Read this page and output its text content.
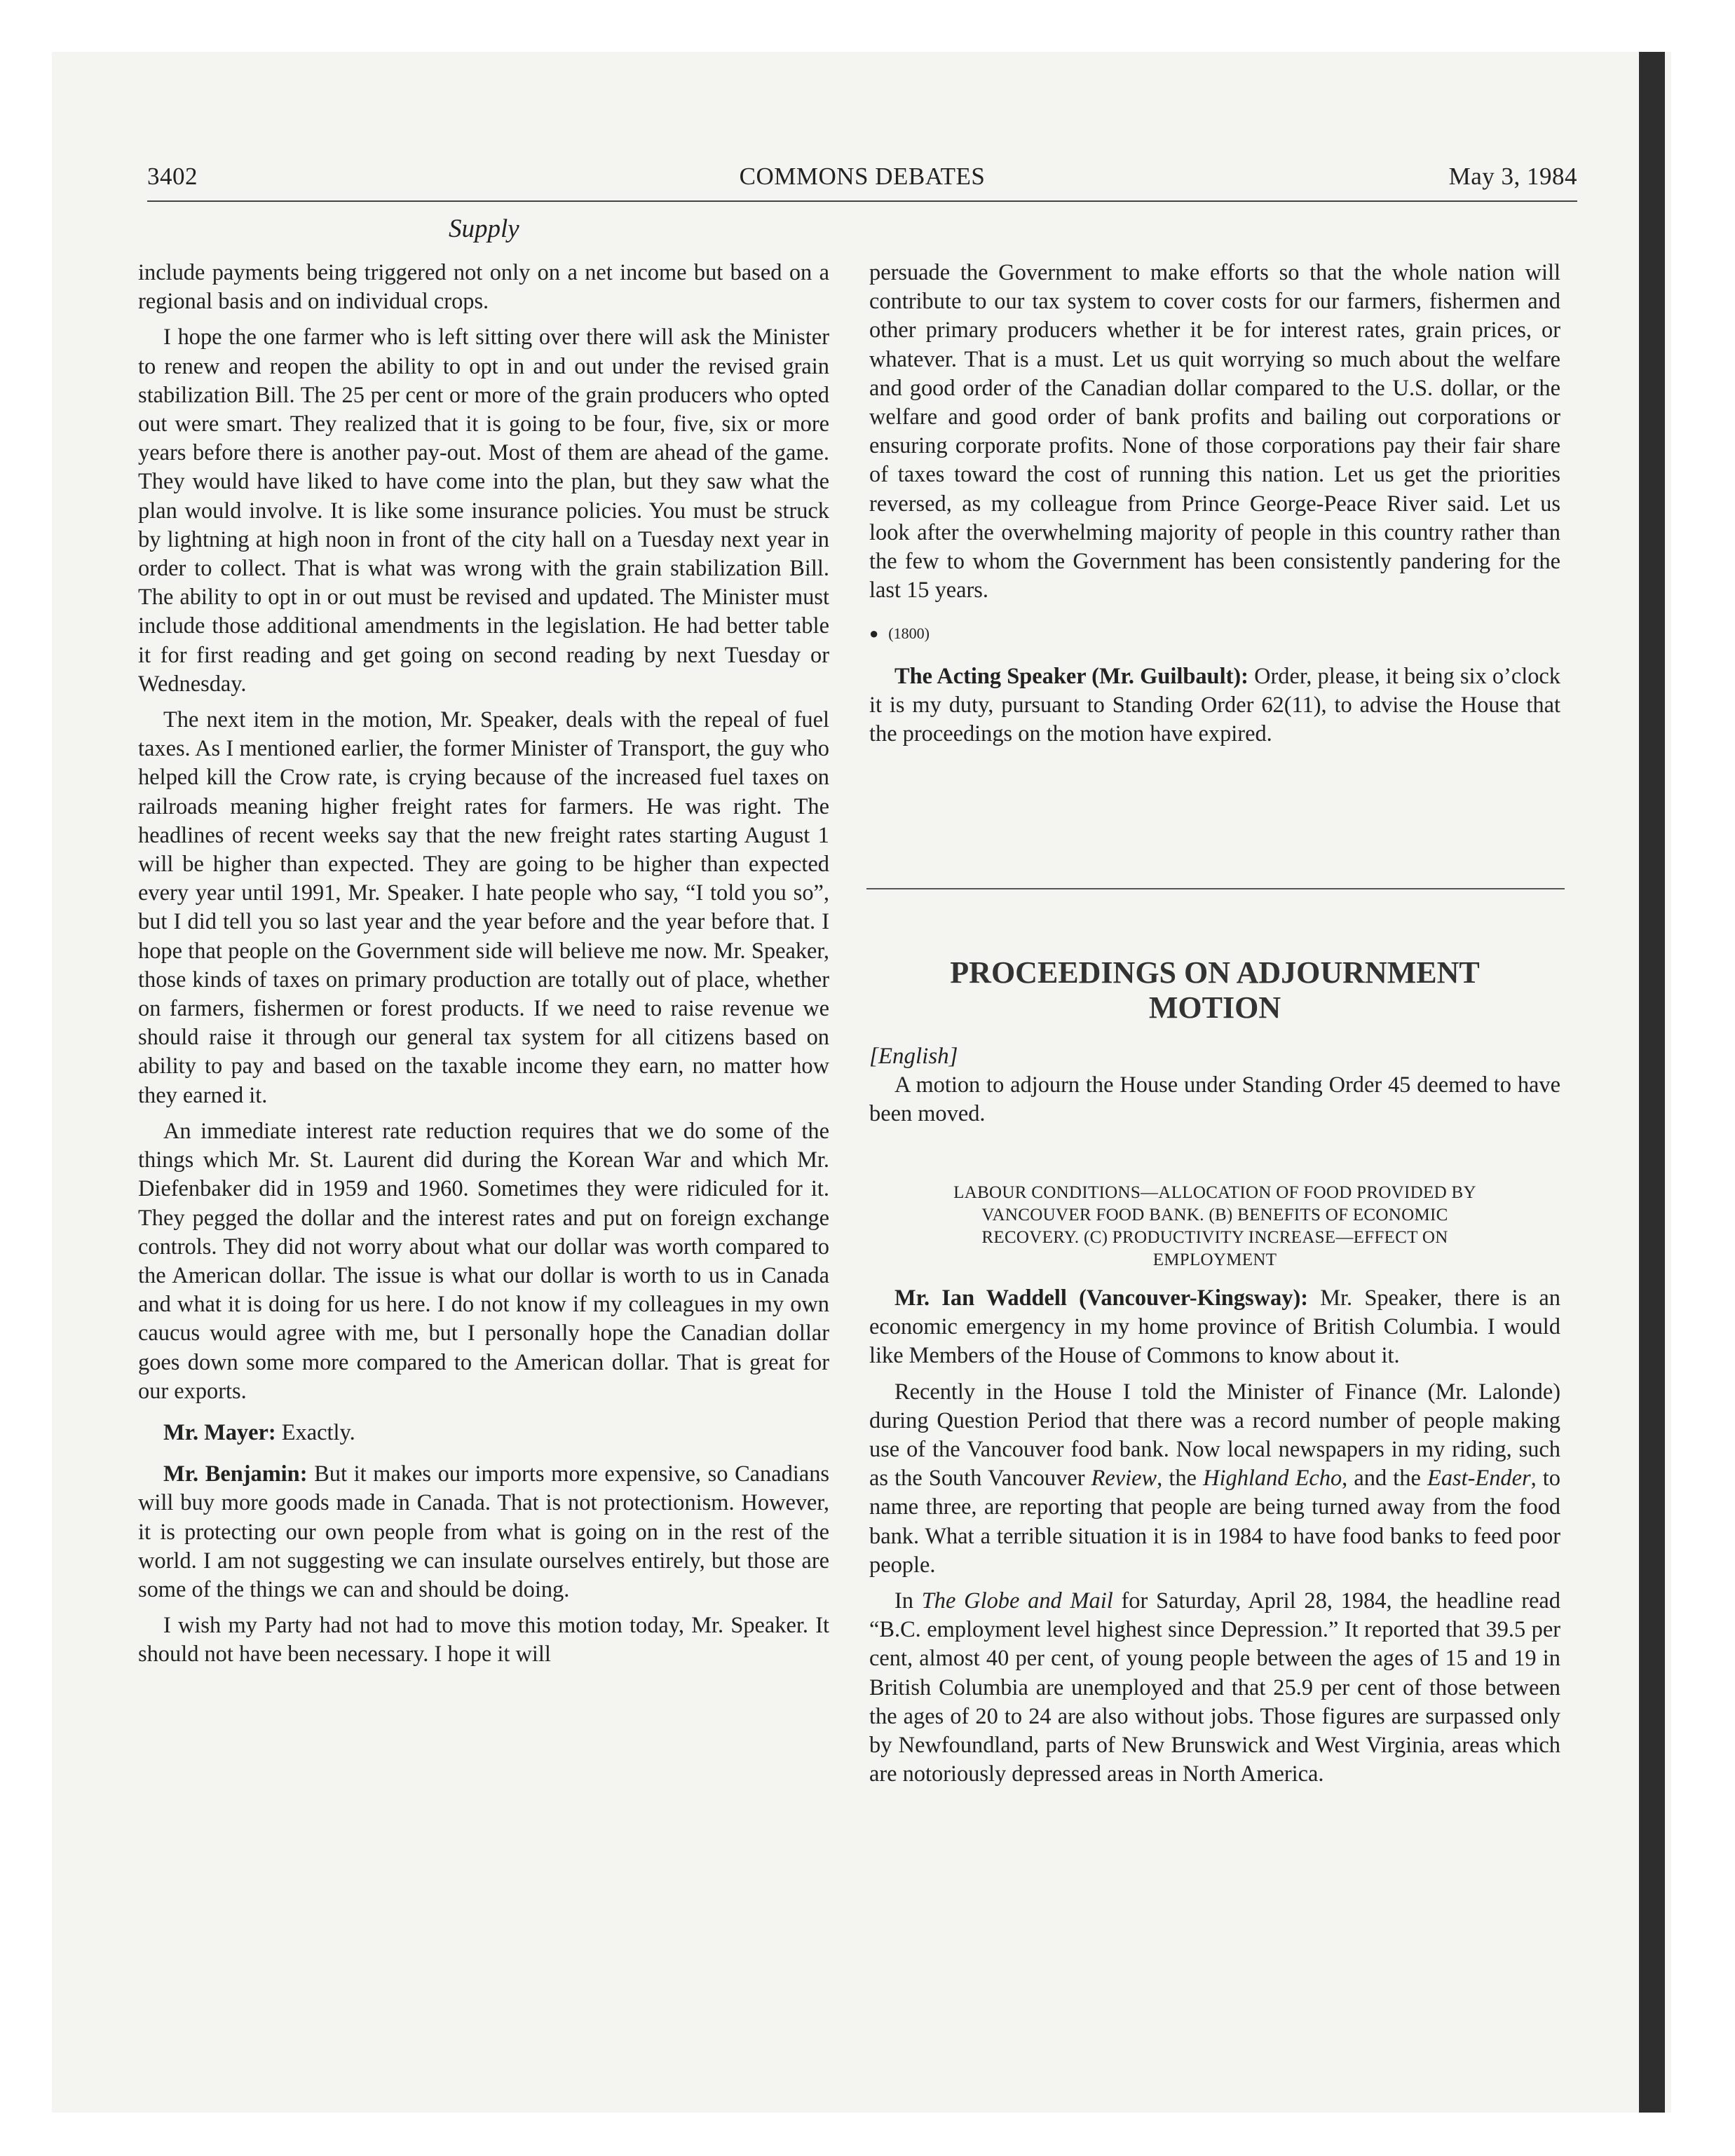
3402	COMMONS DEBATES	May 3, 1984
Supply

include payments being triggered not only on a net income but based on a regional basis and on individual crops.

I hope the one farmer who is left sitting over there will ask the Minister to renew and reopen the ability to opt in and out under the revised grain stabilization Bill. The 25 per cent or more of the grain producers who opted out were smart. They realized that it is going to be four, five, six or more years before there is another pay-out. Most of them are ahead of the game. They would have liked to have come into the plan, but they saw what the plan would involve. It is like some insurance policies. You must be struck by lightning at high noon in front of the city hall on a Tuesday next year in order to collect. That is what was wrong with the grain stabilization Bill. The ability to opt in or out must be revised and updated. The Minister must include those additional amendments in the legislation. He had better table it for first reading and get going on second reading by next Tuesday or Wednesday.

The next item in the motion, Mr. Speaker, deals with the repeal of fuel taxes. As I mentioned earlier, the former Minister of Transport, the guy who helped kill the Crow rate, is crying because of the increased fuel taxes on railroads meaning higher freight rates for farmers. He was right. The headlines of recent weeks say that the new freight rates starting August 1 will be higher than expected. They are going to be higher than expected every year until 1991, Mr. Speaker. I hate people who say, “I told you so”, but I did tell you so last year and the year before and the year before that. I hope that people on the Government side will believe me now. Mr. Speaker, those kinds of taxes on primary production are totally out of place, whether on farmers, fishermen or forest products. If we need to raise revenue we should raise it through our general tax system for all citizens based on ability to pay and based on the taxable income they earn, no matter how they earned it.

An immediate interest rate reduction requires that we do some of the things which Mr. St. Laurent did during the Korean War and which Mr. Diefenbaker did in 1959 and 1960. Sometimes they were ridiculed for it. They pegged the dollar and the interest rates and put on foreign exchange controls. They did not worry about what our dollar was worth compared to the American dollar. The issue is what our dollar is worth to us in Canada and what it is doing for us here. I do not know if my colleagues in my own caucus would agree with me, but I personally hope the Canadian dollar goes down some more compared to the American dollar. That is great for our exports.

Mr. Mayer: Exactly.

Mr. Benjamin: But it makes our imports more expensive, so Canadians will buy more goods made in Canada. That is not protectionism. However, it is protecting our own people from what is going on in the rest of the world. I am not suggesting we can insulate ourselves entirely, but those are some of the things we can and should be doing.

I wish my Party had not had to move this motion today, Mr. Speaker. It should not have been necessary. I hope it will

persuade the Government to make efforts so that the whole nation will contribute to our tax system to cover costs for our farmers, fishermen and other primary producers whether it be for interest rates, grain prices, or whatever. That is a must. Let us quit worrying so much about the welfare and good order of the Canadian dollar compared to the U.S. dollar, or the welfare and good order of bank profits and bailing out corporations or ensuring corporate profits. None of those corporations pay their fair share of taxes toward the cost of running this nation. Let us get the priorities reversed, as my colleague from Prince George-Peace River said. Let us look after the overwhelming majority of people in this country rather than the few to whom the Government has been consistently pandering for the last 15 years.

● (1800)

The Acting Speaker (Mr. Guilbault): Order, please, it being six o’clock it is my duty, pursuant to Standing Order 62(11), to advise the House that the proceedings on the motion have expired.

PROCEEDINGS ON ADJOURNMENT
MOTION
[English]

A motion to adjourn the House under Standing Order 45 deemed to have been moved.

LABOUR CONDITIONS—ALLOCATION OF FOOD PROVIDED BY
VANCOUVER FOOD BANK. (B) BENEFITS OF ECONOMIC
RECOVERY. (C) PRODUCTIVITY INCREASE—EFFECT ON
EMPLOYMENT

Mr. Ian Waddell (Vancouver-Kingsway): Mr. Speaker, there is an economic emergency in my home province of British Columbia. I would like Members of the House of Commons to know about it.

Recently in the House I told the Minister of Finance (Mr. Lalonde) during Question Period that there was a record number of people making use of the Vancouver food bank. Now local newspapers in my riding, such as the South Vancouver Review, the Highland Echo, and the East-Ender, to name three, are reporting that people are being turned away from the food bank. What a terrible situation it is in 1984 to have food banks to feed poor people.

In The Globe and Mail for Saturday, April 28, 1984, the headline read “B.C. employment level highest since Depression.” It reported that 39.5 per cent, almost 40 per cent, of young people between the ages of 15 and 19 in British Columbia are unemployed and that 25.9 per cent of those between the ages of 20 to 24 are also without jobs. Those figures are surpassed only by Newfoundland, parts of New Brunswick and West Virginia, areas which are notoriously depressed areas in North America.
